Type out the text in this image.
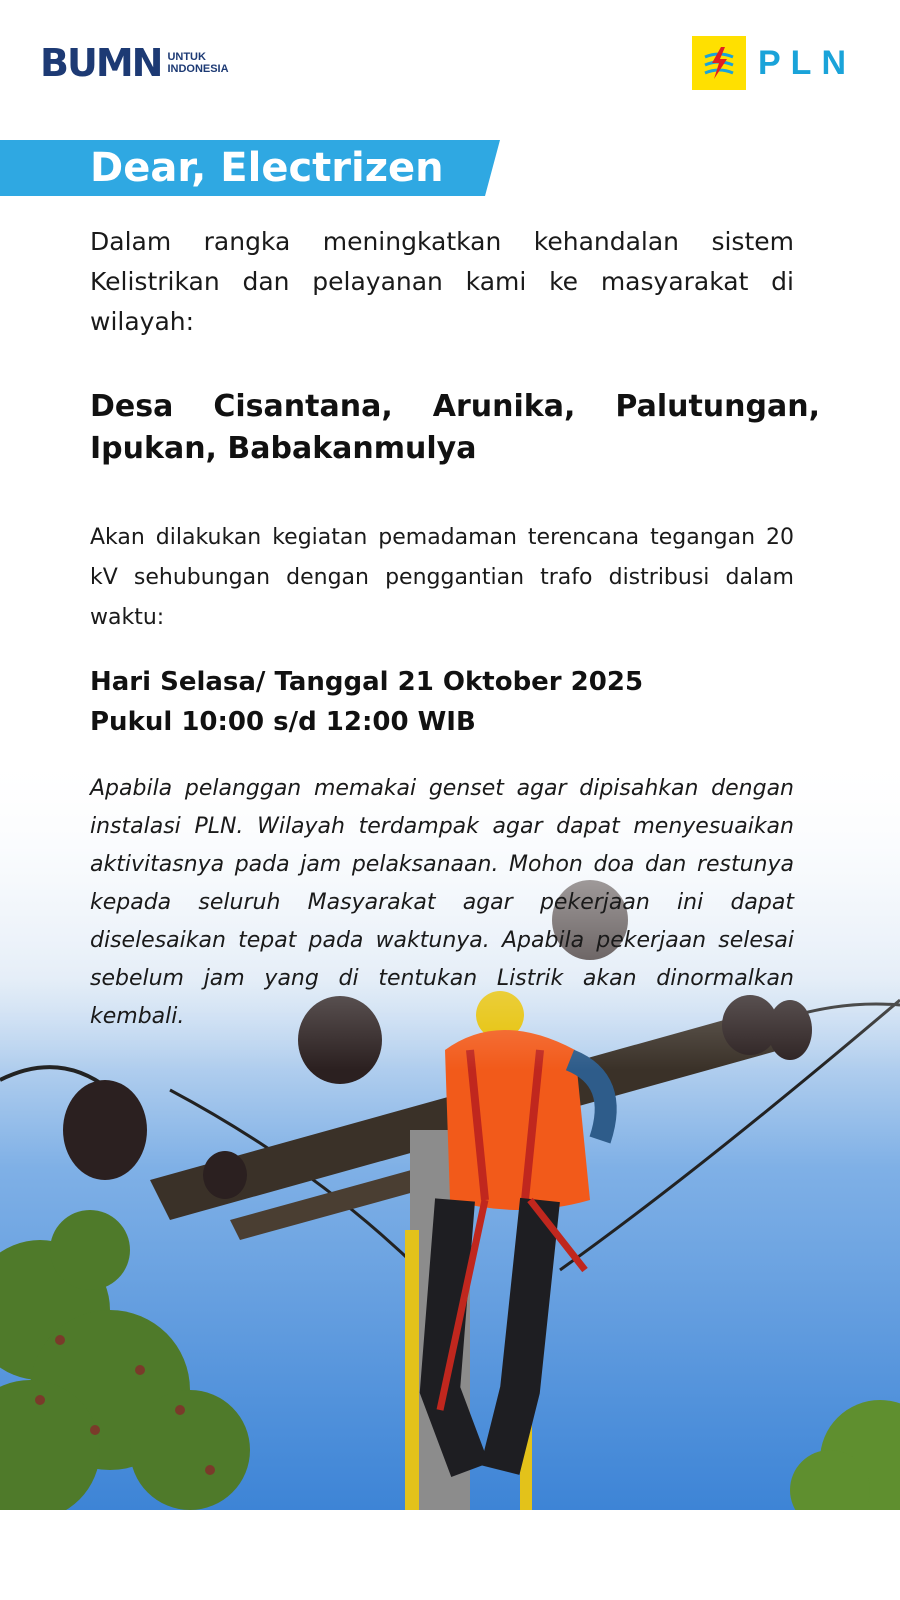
BUMN UNTUK
INDONESIA	PLN
Dear, Electrizen
Dalam rangka meningkatkan kehandalan sistem Kelistrikan dan pelayanan kami ke masyarakat di wilayah:
Desa Cisantana, Arunika, Palutungan, Ipukan, Babakanmulya
Akan dilakukan kegiatan pemadaman terencana tegangan 20 kV sehubungan dengan penggantian trafo distribusi dalam waktu:
Hari Selasa/ Tanggal 21 Oktober 2025
Pukul 10:00 s/d 12:00 WIB
Apabila pelanggan memakai genset agar dipisahkan dengan instalasi PLN. Wilayah terdampak agar dapat menyesuaikan aktivitasnya pada jam pelaksanaan. Mohon doa dan restunya kepada seluruh Masyarakat agar pekerjaan ini dapat diselesaikan tepat pada waktunya. Apabila pekerjaan selesai sebelum jam yang di tentukan Listrik akan dinormalkan kembali.
